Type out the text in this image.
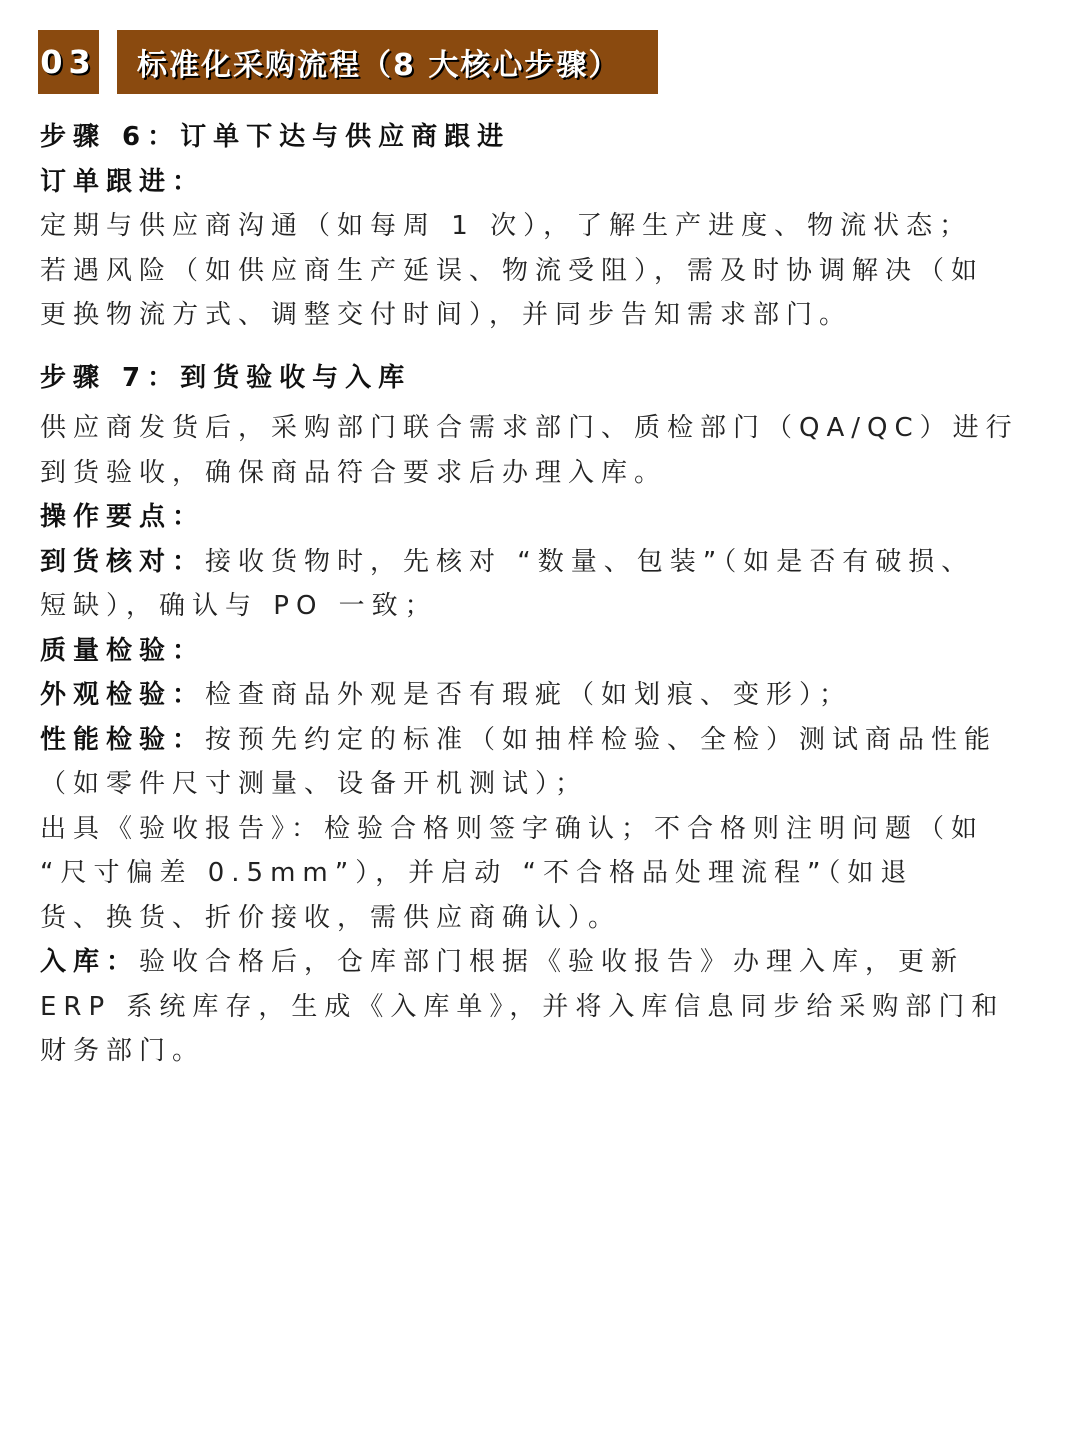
03 标准化采购流程（8 大核心步骤）
步骤 6：订单下达与供应商跟进
订单跟进：
定期与供应商沟通（如每周 1 次），了解生产进度、物流状态；
若遇风险（如供应商生产延误、物流受阻），需及时协调解决（如
更换物流方式、调整交付时间），并同步告知需求部门。
步骤 7：到货验收与入库
供应商发货后，采购部门联合需求部门、质检部门（QA/QC）进行
到货验收，确保商品符合要求后办理入库。
操作要点：
到货核对：接收货物时，先核对 “数量、包装”（如是否有破损、
短缺），确认与 PO 一致；
质量检验：
外观检验：检查商品外观是否有瑕疵（如划痕、变形）；
性能检验：按预先约定的标准（如抽样检验、全检）测试商品性能
（如零件尺寸测量、设备开机测试）；
出具《验收报告》：检验合格则签字确认；不合格则注明问题（如
“尺寸偏差 0.5mm”），并启动 “不合格品处理流程”（如退
货、换货、折价接收，需供应商确认）。
入库：验收合格后，仓库部门根据《验收报告》办理入库，更新
ERP 系统库存，生成《入库单》，并将入库信息同步给采购部门和
财务部门。
